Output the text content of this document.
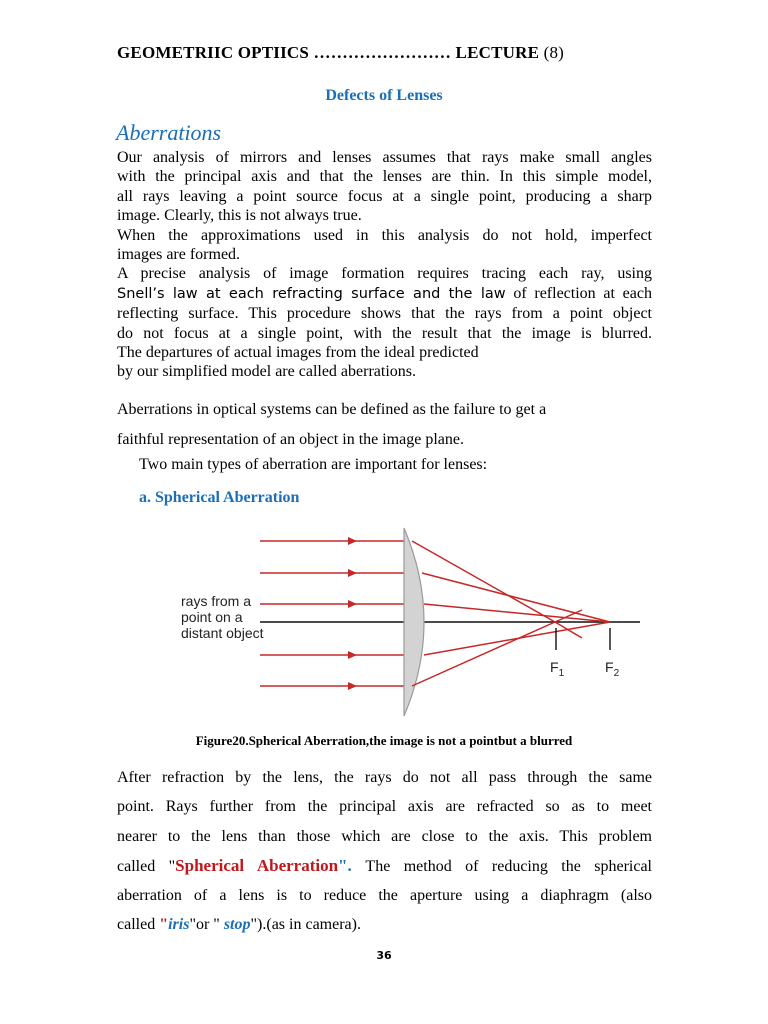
GEOMETRIIC OPTIICS …………………… LECTURE (8)
Defects of Lenses
Aberrations
Our analysis of mirrors and lenses assumes that rays make small angles
with the principal axis and that the lenses are thin. In this simple model,
all rays leaving a point source focus at a single point, producing a sharp
image. Clearly, this is not always true.
When the approximations used in this analysis do not hold, imperfect
images are formed.
A precise analysis of image formation requires tracing each ray, using
Snell’s law at each refracting surface and the law of reflection at each
reflecting surface. This procedure shows that the rays from a point object
do not focus at a single point, with the result that the image is blurred.
The departures of actual images from the ideal predicted
by our simplified model are called aberrations.
Aberrations in optical systems can be defined as the failure to get a
faithful representation of an object in the image plane.
Two main types of aberration are important for lenses:
a. Spherical Aberration
rays from a
point on a
distant object
$F_1$	$F_2$
Figure20.Spherical Aberration,the image is not a pointbut a blurred
After refraction by the lens, the rays do not all pass through the same
point. Rays further from the principal axis are refracted so as to meet
nearer to the lens than those which are close to the axis. This problem
called "Spherical Aberration". The method of reducing the spherical
aberration of a lens is to reduce the aperture using a diaphragm (also
called "iris"or " stop").(as in camera).
36
